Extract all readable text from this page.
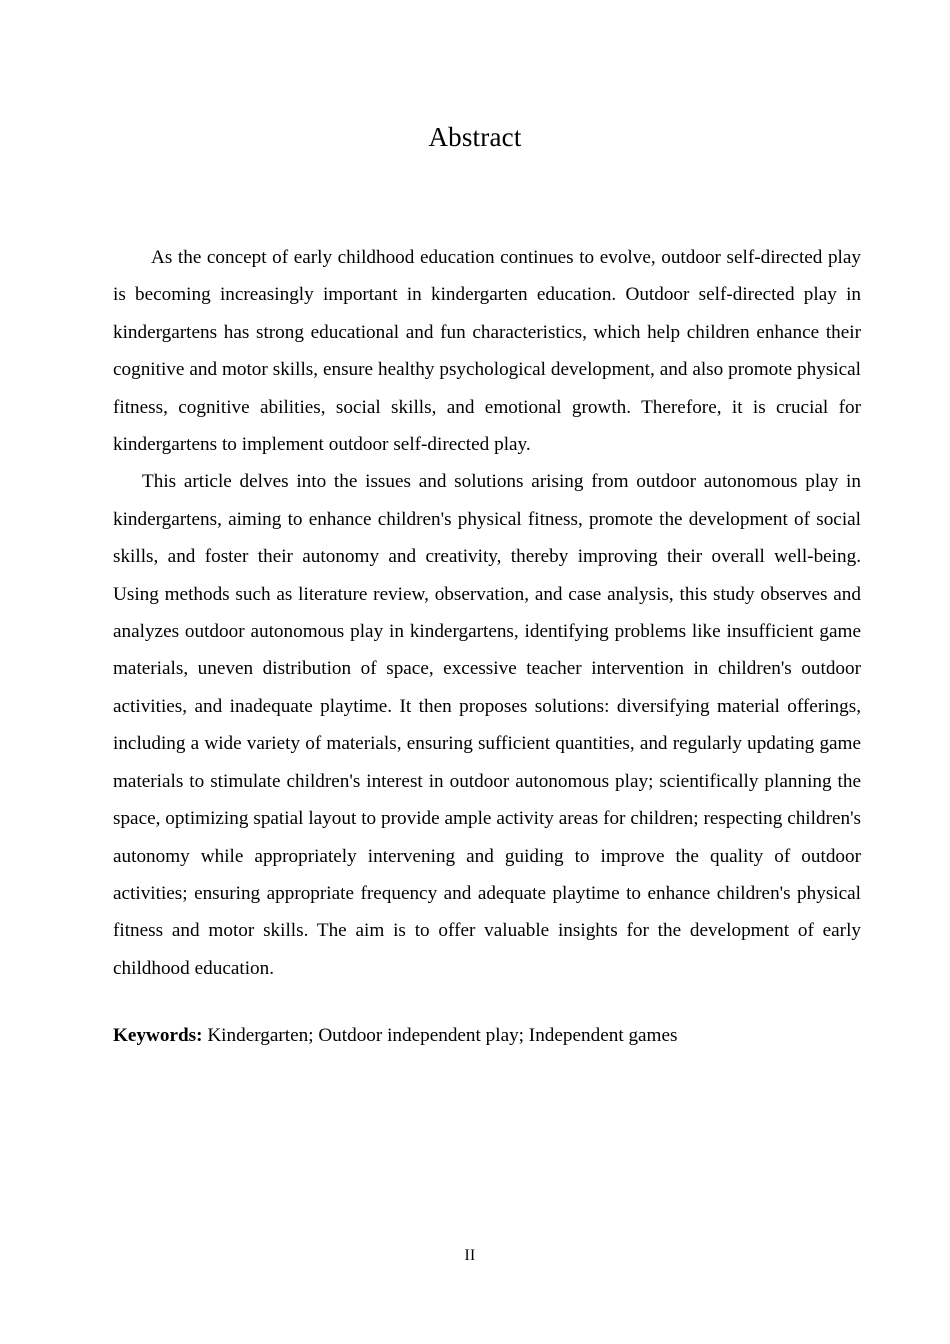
Abstract

As the concept of early childhood education continues to evolve, outdoor self-directed play is becoming increasingly important in kindergarten education. Outdoor self-directed play in kindergartens has strong educational and fun characteristics, which help children enhance their cognitive and motor skills, ensure healthy psychological development, and also promote physical fitness, cognitive abilities, social skills, and emotional growth. Therefore, it is crucial for kindergartens to implement outdoor self-directed play.

This article delves into the issues and solutions arising from outdoor autonomous play in kindergartens, aiming to enhance children's physical fitness, promote the development of social skills, and foster their autonomy and creativity, thereby improving their overall well-being. Using methods such as literature review, observation, and case analysis, this study observes and analyzes outdoor autonomous play in kindergartens, identifying problems like insufficient game materials, uneven distribution of space, excessive teacher intervention in children's outdoor activities, and inadequate playtime. It then proposes solutions: diversifying material offerings, including a wide variety of materials, ensuring sufficient quantities, and regularly updating game materials to stimulate children's interest in outdoor autonomous play; scientifically planning the space, optimizing spatial layout to provide ample activity areas for children; respecting children's autonomy while appropriately intervening and guiding to improve the quality of outdoor activities; ensuring appropriate frequency and adequate playtime to enhance children's physical fitness and motor skills. The aim is to offer valuable insights for the development of early childhood education.

Keywords: Kindergarten; Outdoor independent play; Independent games
II
